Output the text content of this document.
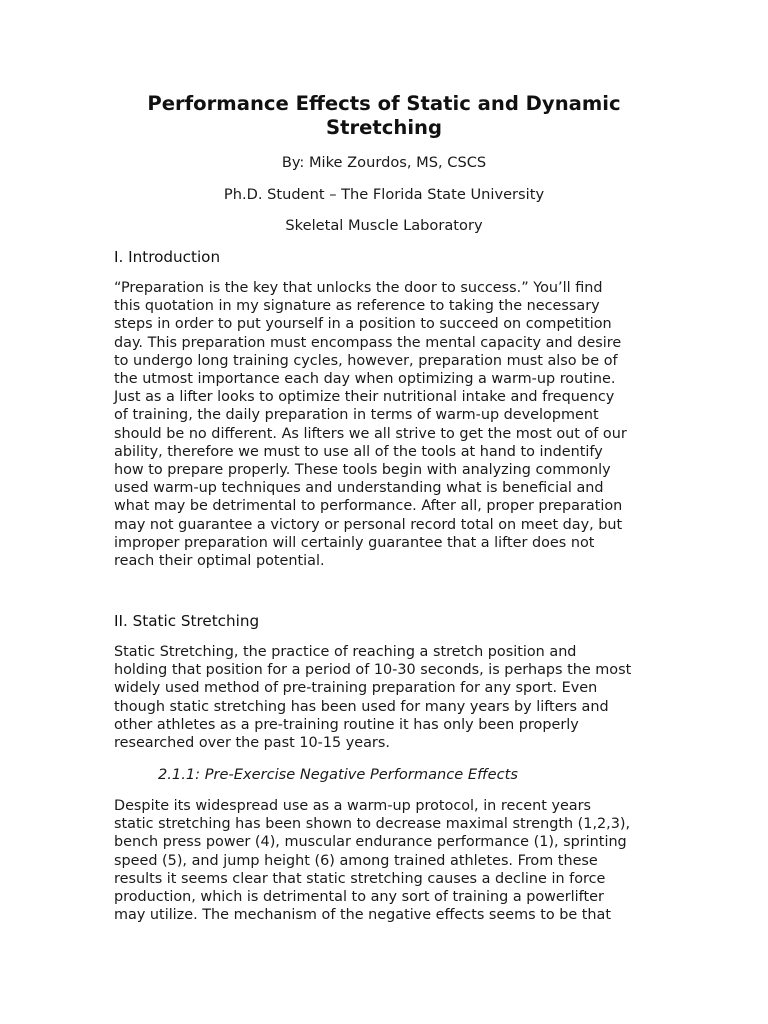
Performance Effects of Static and Dynamic Stretching
By: Mike Zourdos, MS, CSCS
Ph.D. Student – The Florida State University
Skeletal Muscle Laboratory
I. Introduction

“Preparation is the key that unlocks the door to success.” You’ll find
this quotation in my signature as reference to taking the necessary
steps in order to put yourself in a position to succeed on competition
day. This preparation must encompass the mental capacity and desire
to undergo long training cycles, however, preparation must also be of
the utmost importance each day when optimizing a warm-up routine.
Just as a lifter looks to optimize their nutritional intake and frequency
of training, the daily preparation in terms of warm-up development
should be no different. As lifters we all strive to get the most out of our
ability, therefore we must to use all of the tools at hand to indentify
how to prepare properly. These tools begin with analyzing commonly
used warm-up techniques and understanding what is beneficial and
what may be detrimental to performance. After all, proper preparation
may not guarantee a victory or personal record total on meet day, but
improper preparation will certainly guarantee that a lifter does not
reach their optimal potential.

II. Static Stretching

Static Stretching, the practice of reaching a stretch position and
holding that position for a period of 10-30 seconds, is perhaps the most
widely used method of pre-training preparation for any sport. Even
though static stretching has been used for many years by lifters and
other athletes as a pre-training routine it has only been properly
researched over the past 10-15 years.

2.1.1: Pre-Exercise Negative Performance Effects

Despite its widespread use as a warm-up protocol, in recent years
static stretching has been shown to decrease maximal strength (1,2,3),
bench press power (4), muscular endurance performance (1), sprinting
speed (5), and jump height (6) among trained athletes. From these
results it seems clear that static stretching causes a decline in force
production, which is detrimental to any sort of training a powerlifter
may utilize. The mechanism of the negative effects seems to be that
